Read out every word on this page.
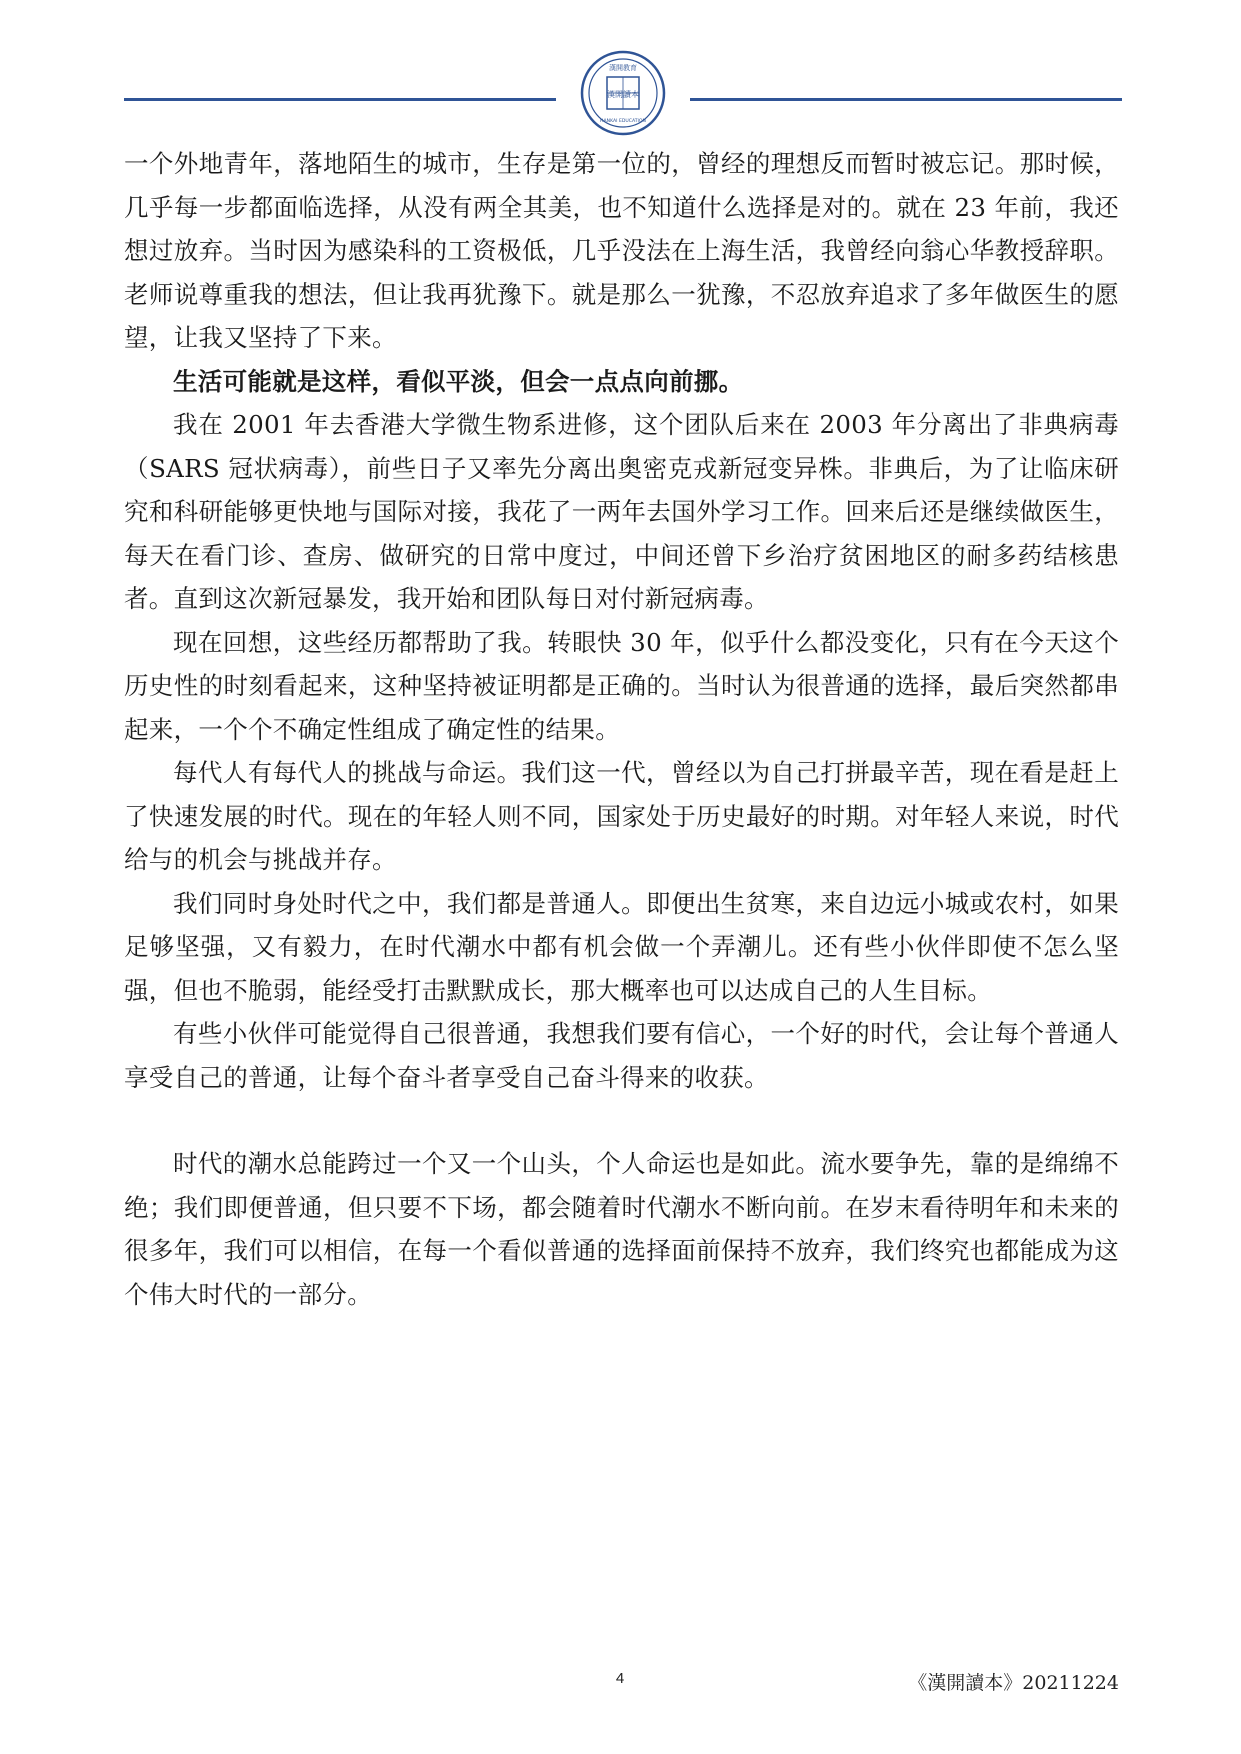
漢開教育
漢開讀本
HANKAI EDUCATION

一个外地青年，落地陌生的城市，生存是第一位的，曾经的理想反而暂时被忘记。那时候，几乎每一步都面临选择，从没有两全其美，也不知道什么选择是对的。就在 23 年前，我还想过放弃。当时因为感染科的工资极低，几乎没法在上海生活，我曾经向翁心华教授辞职。老师说尊重我的想法，但让我再犹豫下。就是那么一犹豫，不忍放弃追求了多年做医生的愿望，让我又坚持了下来。

生活可能就是这样，看似平淡，但会一点点向前挪。

我在 2001 年去香港大学微生物系进修，这个团队后来在 2003 年分离出了非典病毒（SARS 冠状病毒），前些日子又率先分离出奥密克戎新冠变异株。非典后，为了让临床研究和科研能够更快地与国际对接，我花了一两年去国外学习工作。回来后还是继续做医生，每天在看门诊、查房、做研究的日常中度过，中间还曾下乡治疗贫困地区的耐多药结核患者。直到这次新冠暴发，我开始和团队每日对付新冠病毒。

现在回想，这些经历都帮助了我。转眼快 30 年，似乎什么都没变化，只有在今天这个历史性的时刻看起来，这种坚持被证明都是正确的。当时认为很普通的选择，最后突然都串起来，一个个不确定性组成了确定性的结果。

每代人有每代人的挑战与命运。我们这一代，曾经以为自己打拼最辛苦，现在看是赶上了快速发展的时代。现在的年轻人则不同，国家处于历史最好的时期。对年轻人来说，时代给与的机会与挑战并存。

我们同时身处时代之中，我们都是普通人。即便出生贫寒，来自边远小城或农村，如果足够坚强，又有毅力，在时代潮水中都有机会做一个弄潮儿。还有些小伙伴即使不怎么坚强，但也不脆弱，能经受打击默默成长，那大概率也可以达成自己的人生目标。

有些小伙伴可能觉得自己很普通，我想我们要有信心，一个好的时代，会让每个普通人享受自己的普通，让每个奋斗者享受自己奋斗得来的收获。

时代的潮水总能跨过一个又一个山头，个人命运也是如此。流水要争先，靠的是绵绵不绝；我们即便普通，但只要不下场，都会随着时代潮水不断向前。在岁末看待明年和未来的很多年，我们可以相信，在每一个看似普通的选择面前保持不放弃，我们终究也都能成为这个伟大时代的一部分。

4	《漢開讀本》20211224
